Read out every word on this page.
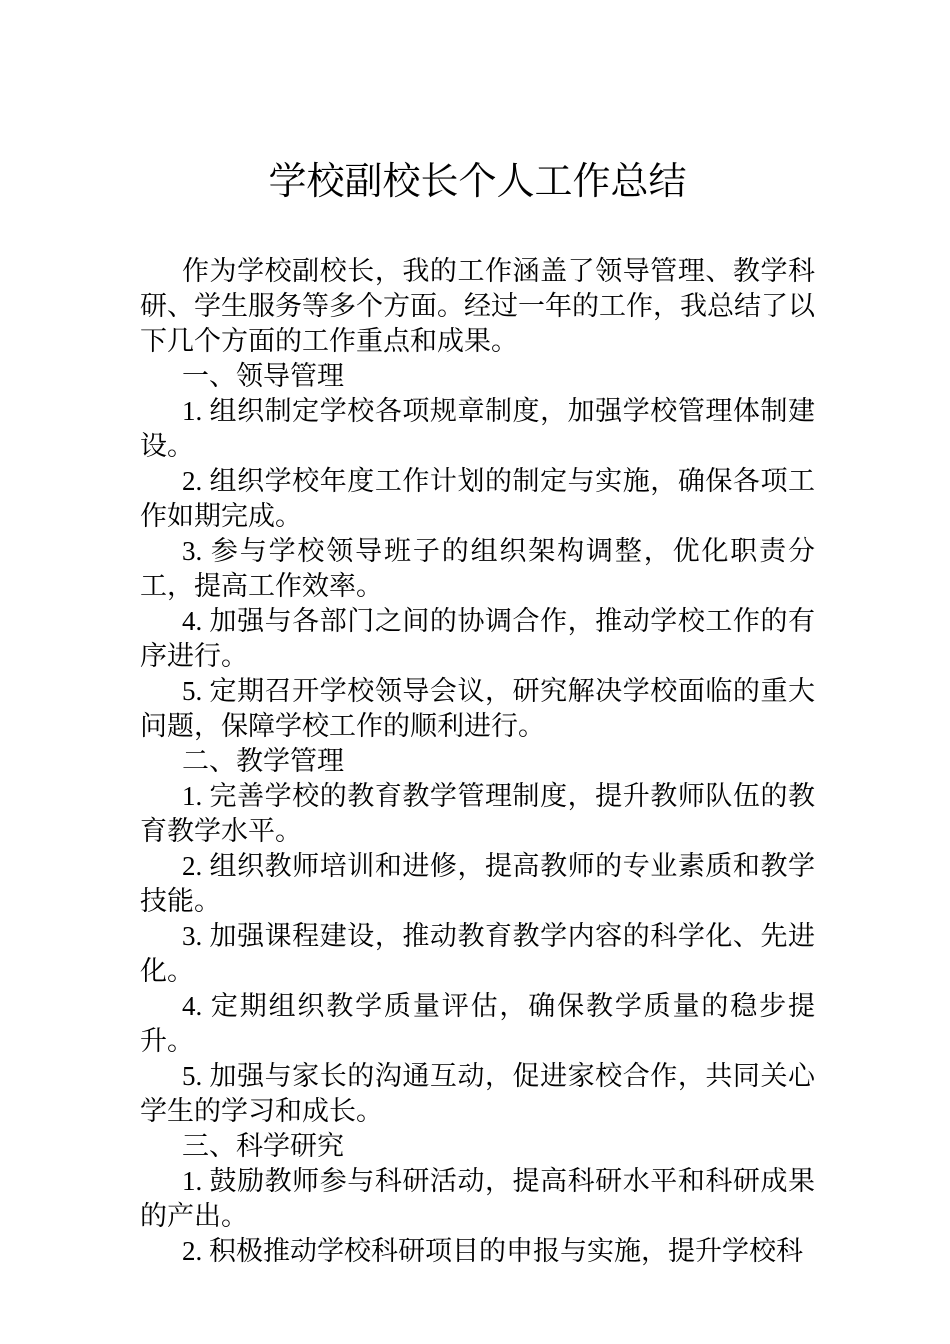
学校副校长个人工作总结

作为学校副校长，我的工作涵盖了领导管理、教学科研、学生服务等多个方面。经过一年的工作，我总结了以下几个方面的工作重点和成果。

一、领导管理

1. 组织制定学校各项规章制度，加强学校管理体制建设。

2. 组织学校年度工作计划的制定与实施，确保各项工作如期完成。

3. 参与学校领导班子的组织架构调整，优化职责分工，提高工作效率。

4. 加强与各部门之间的协调合作，推动学校工作的有序进行。

5. 定期召开学校领导会议，研究解决学校面临的重大问题，保障学校工作的顺利进行。

二、教学管理

1. 完善学校的教育教学管理制度，提升教师队伍的教育教学水平。

2. 组织教师培训和进修，提高教师的专业素质和教学技能。

3. 加强课程建设，推动教育教学内容的科学化、先进化。

4. 定期组织教学质量评估，确保教学质量的稳步提升。

5. 加强与家长的沟通互动，促进家校合作，共同关心学生的学习和成长。

三、科学研究

1. 鼓励教师参与科研活动，提高科研水平和科研成果的产出。

2. 积极推动学校科研项目的申报与实施，提升学校科
